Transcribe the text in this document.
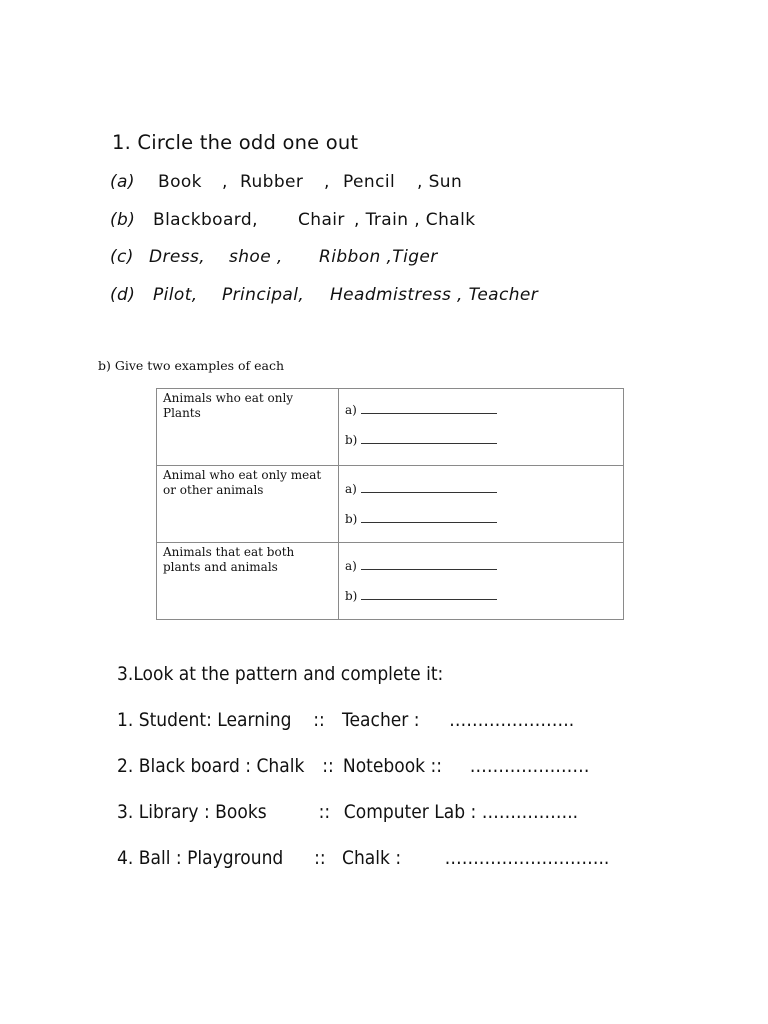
1. Circle the odd one out
(a) Book , Rubber , Pencil , Sun
(b) Blackboard, Chair , Train , Chalk
(c) Dress, shoe , Ribbon ,Tiger
(d) Pilot, Principal, Headmistress , Teacher
b) Give two examples of each
Animals who eat only Plants	a)
b)

Animal who eat only meat or other animals	a)
b)

Animals that eat both plants and animals	a)
b)
3.Look at the pattern and complete it:
1. Student: Learning :: Teacher : ………………….
2. Black board : Chalk :: Notebook :: …………………
3. Library : Books	:: Computer Lab : ……………..
4. Ball : Playground :: Chalk : ………………………..
